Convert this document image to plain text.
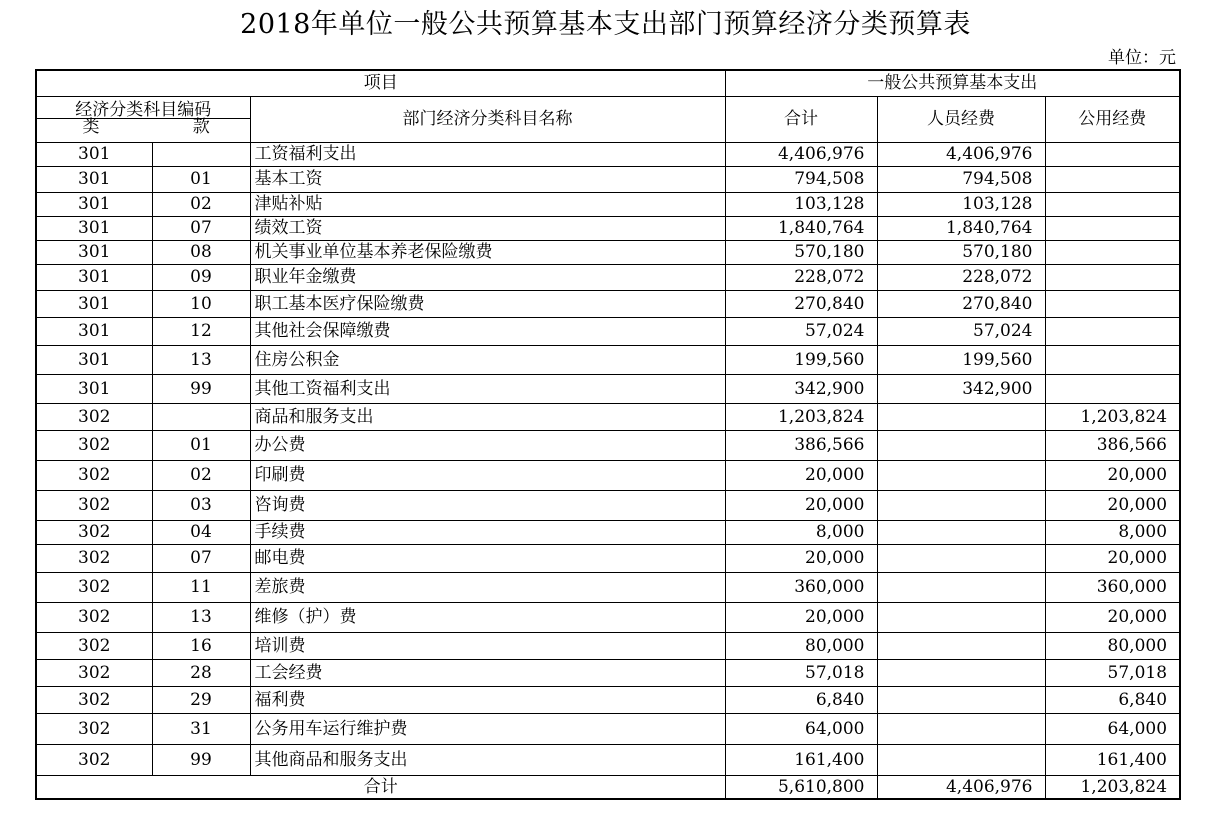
2018年单位一般公共预算基本支出部门预算经济分类预算表
单位：元
项目			一般公共预算基本支出		

经济分类科目编码
类 款		部门经济分类科目名称	合计	人员经费	公用经费
301		工资福利支出	4,406,976	4,406,976	
301	01	基本工资	794,508	794,508	
301	02	津贴补贴	103,128	103,128	
301	07	绩效工资	1,840,764	1,840,764	
301	08	机关事业单位基本养老保险缴费	570,180	570,180	
301	09	职业年金缴费	228,072	228,072	
301	10	职工基本医疗保险缴费	270,840	270,840	
301	12	其他社会保障缴费	57,024	57,024	
301	13	住房公积金	199,560	199,560	
301	99	其他工资福利支出	342,900	342,900	
302		商品和服务支出	1,203,824		1,203,824
302	01	办公费	386,566		386,566
302	02	印刷费	20,000		20,000
302	03	咨询费	20,000		20,000
302	04	手续费	8,000		8,000
302	07	邮电费	20,000		20,000
302	11	差旅费	360,000		360,000
302	13	维修（护）费	20,000		20,000
302	16	培训费	80,000		80,000
302	28	工会经费	57,018		57,018
302	29	福利费	6,840		6,840
302	31	公务用车运行维护费	64,000		64,000
302	99	其他商品和服务支出	161,400		161,400
合计			5,610,800	4,406,976	1,203,824
